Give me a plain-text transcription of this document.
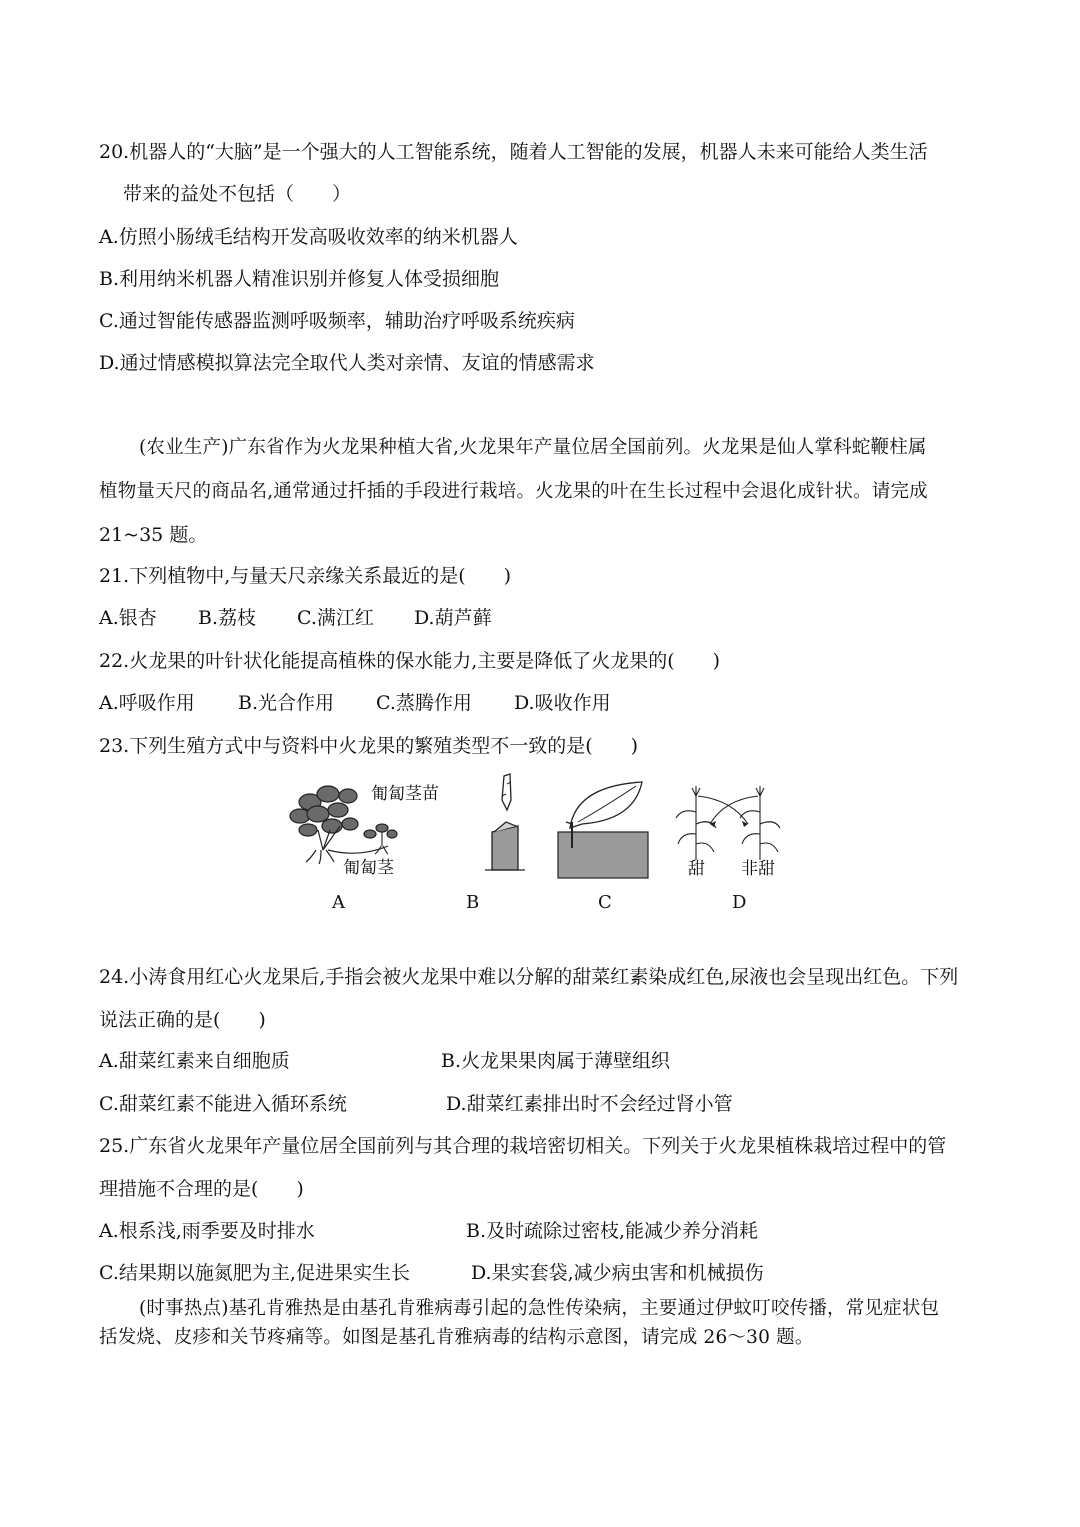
20.机器人的“大脑”是一个强大的人工智能系统，随着人工智能的发展，机器人未来可能给人类生活
带来的益处不包括（　　）
A.仿照小肠绒毛结构开发高吸收效率的纳米机器人
B.利用纳米机器人精准识别并修复人体受损细胞
C.通过智能传感器监测呼吸频率，辅助治疗呼吸系统疾病
D.通过情感模拟算法完全取代人类对亲情、友谊的情感需求
(农业生产)广东省作为火龙果种植大省,火龙果年产量位居全国前列。火龙果是仙人掌科蛇鞭柱属
植物量天尺的商品名,通常通过扦插的手段进行栽培。火龙果的叶在生长过程中会退化成针状。请完成
21~35 题。
21.下列植物中,与量天尺亲缘关系最近的是(　　)
A.银杏 B.荔枝 C.满江红 D.葫芦藓
22.火龙果的叶针状化能提高植株的保水能力,主要是降低了火龙果的(　　)
A.呼吸作用 B.光合作用 C.蒸腾作用 D.吸收作用
23.下列生殖方式中与资料中火龙果的繁殖类型不一致的是(　　)
匍匐茎苗
匍匐茎	甜 非甜
A	B	C	D
24.小涛食用红心火龙果后,手指会被火龙果中难以分解的甜菜红素染成红色,尿液也会呈现出红色。下列
说法正确的是(　　)
A.甜菜红素来自细胞质	B.火龙果果肉属于薄壁组织
C.甜菜红素不能进入循环系统	D.甜菜红素排出时不会经过肾小管
25.广东省火龙果年产量位居全国前列与其合理的栽培密切相关。下列关于火龙果植株栽培过程中的管
理措施不合理的是(　　)
A.根系浅,雨季要及时排水	B.及时疏除过密枝,能减少养分消耗
C.结果期以施氮肥为主,促进果实生长	D.果实套袋,减少病虫害和机械损伤
(时事热点)基孔肯雅热是由基孔肯雅病毒引起的急性传染病，主要通过伊蚊叮咬传播，常见症状包
括发烧、皮疹和关节疼痛等。如图是基孔肯雅病毒的结构示意图，请完成 26～30 题。
